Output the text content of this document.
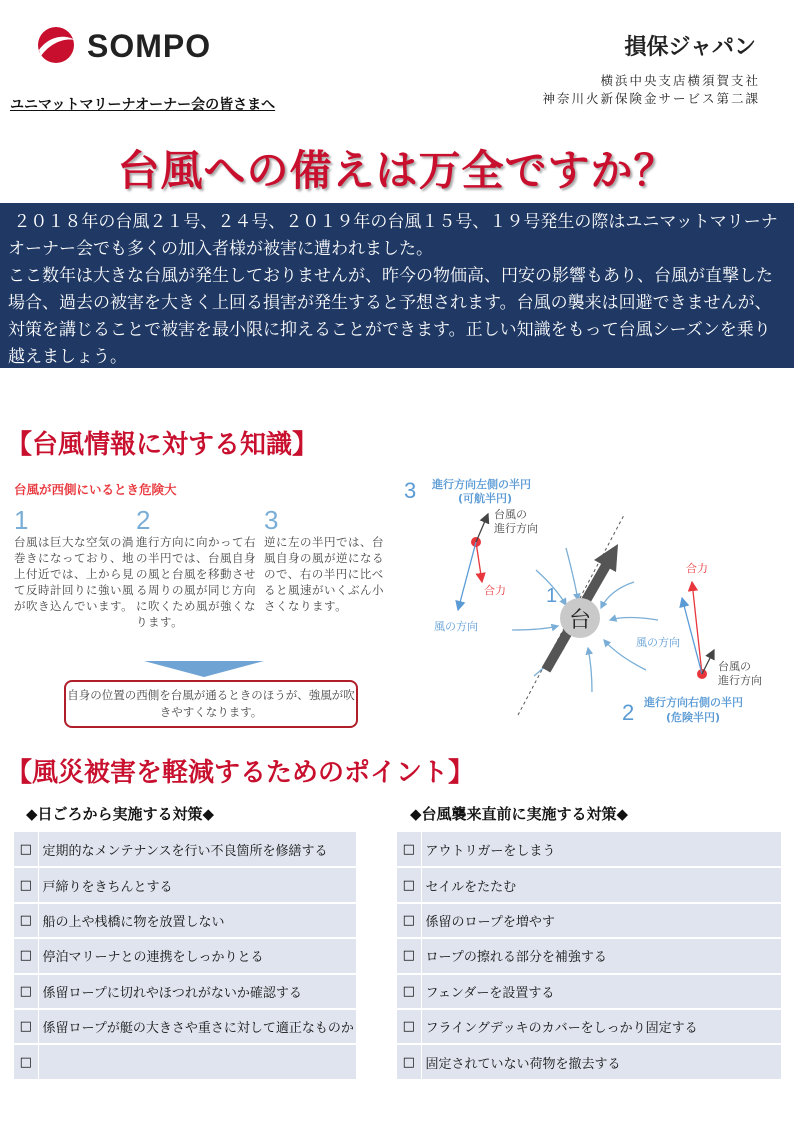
SOMPO	損保ジャパン
横浜中央支店横須賀支社
神奈川火新保険金サービス第二課
ユニマットマリーナオーナー会の皆さまへ
台風への備えは万全ですか？
２０１８年の台風２１号、２４号、２０１９年の台風１５号、１９号発生の際はユニマットマリーナオーナー会でも多くの加入者様が被害に遭われました。
ここ数年は大きな台風が発生しておりませんが、昨今の物価高、円安の影響もあり、台風が直撃した場合、過去の被害を大きく上回る損害が発生すると予想されます。台風の襲来は回避できませんが、対策を講じることで被害を最小限に抑えることができます。正しい知識をもって台風シーズンを乗り越えましょう。
【台風情報に対する知識】
台風が西側にいるとき危険大
1
台風は巨大な空気の渦巻きになっており、地上付近では、上から見て反時計回りに強い風が吹き込んでいます。
2
進行方向に向かって右の半円では、台風自身の風と台風を移動させる周りの風が同じ方向に吹くため風が強くなります。
3
逆に左の半円では、台風自身の風が逆になるので、右の半円に比べると風速がいくぶん小さくなります。
自身の位置の西側を台風が通るときのほうが、強風が吹きやすくなります。
3 進行方向左側の半円
(可航半円)
台
1
台風の
進行方向
合力
風の方向
合力
風の方向
台風の
進行方向
2 進行方向右側の半円
(危険半円)
【風災被害を軽減するためのポイント】
◆日ごろから実施する対策◆	◆台風襲来直前に実施する対策◆
□	定期的なメンテナンスを行い不良箇所を修繕する
□	戸締りをきちんとする
□	船の上や桟橋に物を放置しない
□	停泊マリーナとの連携をしっかりとる
□	係留ロープに切れやほつれがないか確認する
□	係留ロープが艇の大きさや重さに対して適正なものか
□	
□	アウトリガーをしまう
□	セイルをたたむ
□	係留のロープを増やす
□	ロープの擦れる部分を補強する
□	フェンダーを設置する
□	フライングデッキのカバーをしっかり固定する
□	固定されていない荷物を撤去する
